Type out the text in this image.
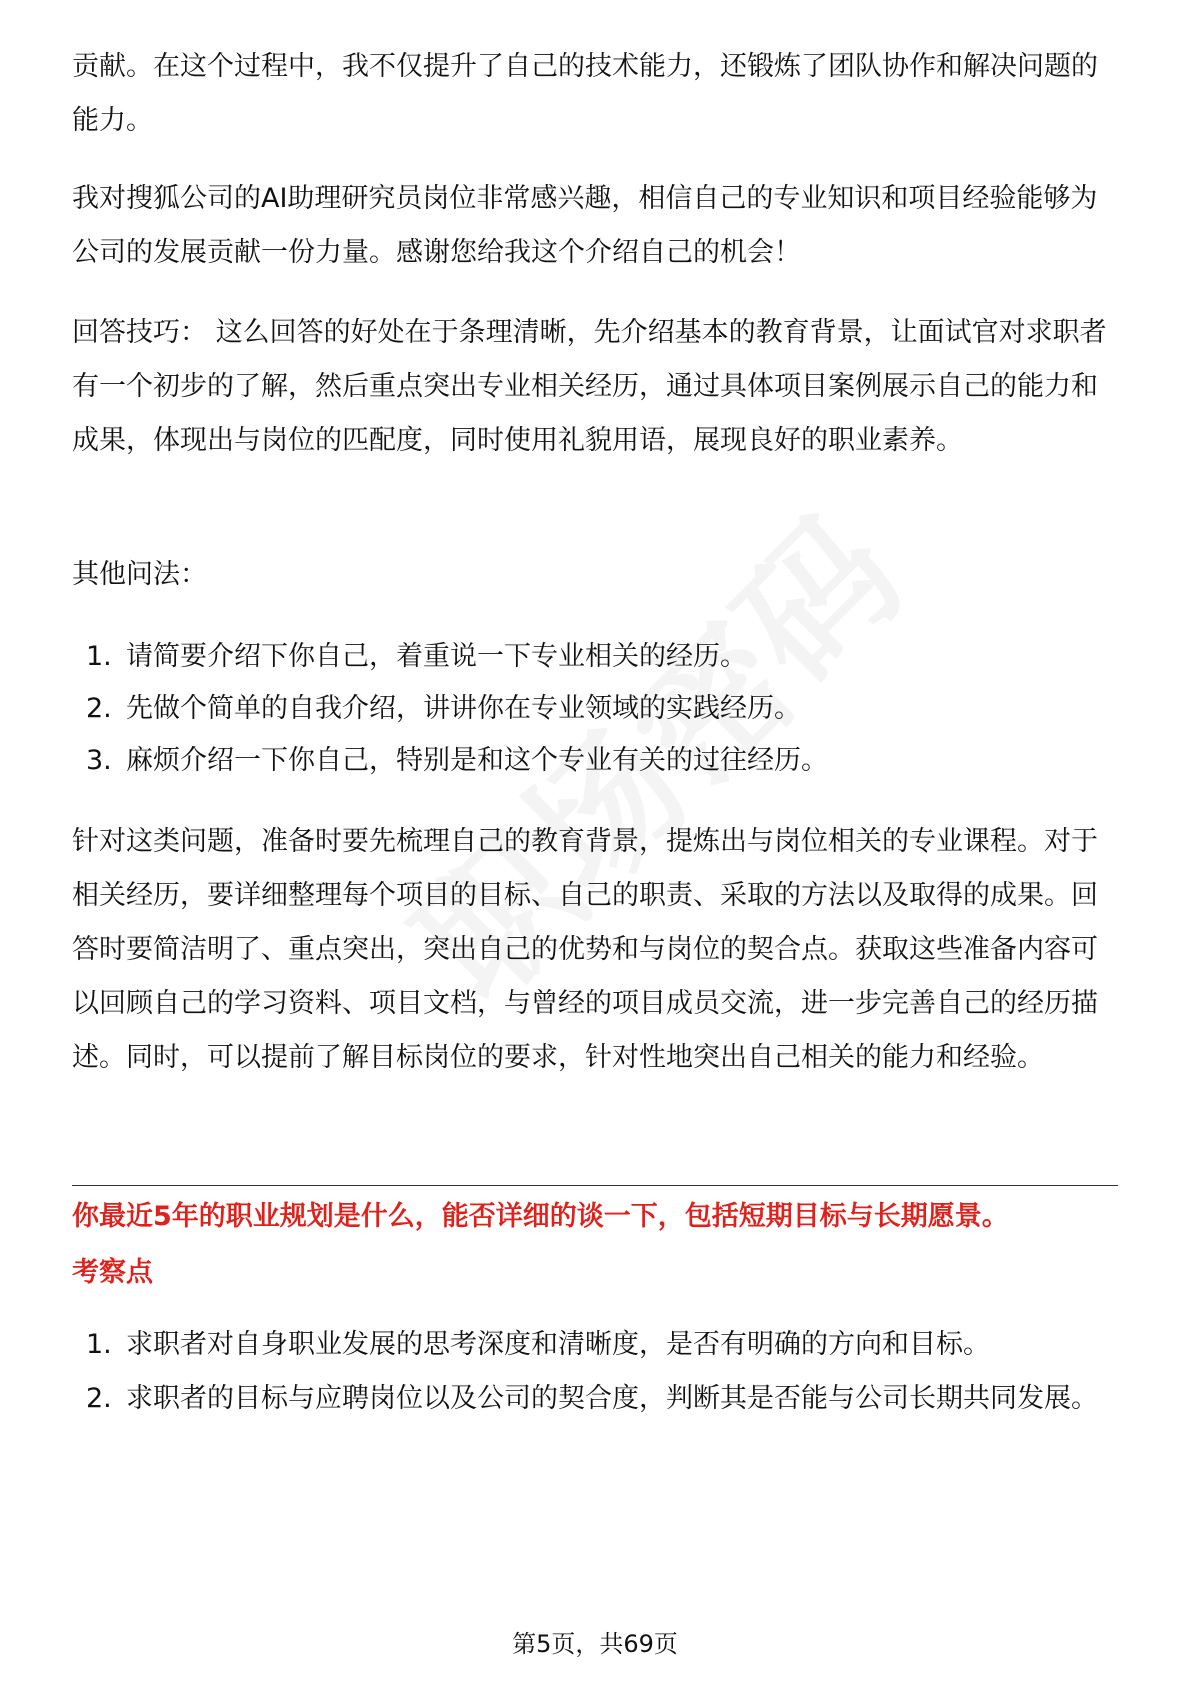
贡献。在这个过程中，我不仅提升了自己的技术能力，还锻炼了团队协作和解决问题的能力。

我对搜狐公司的AI助理研究员岗位非常感兴趣，相信自己的专业知识和项目经验能够为公司的发展贡献一份力量。感谢您给我这个介绍自己的机会！

回答技巧： 这么回答的好处在于条理清晰，先介绍基本的教育背景，让面试官对求职者有一个初步的了解，然后重点突出专业相关经历，通过具体项目案例展示自己的能力和成果，体现出与岗位的匹配度，同时使用礼貌用语，展现良好的职业素养。

其他问法：

1. 请简要介绍下你自己，着重说一下专业相关的经历。
2. 先做个简单的自我介绍，讲讲你在专业领域的实践经历。
3. 麻烦介绍一下你自己，特别是和这个专业有关的过往经历。

针对这类问题，准备时要先梳理自己的教育背景，提炼出与岗位相关的专业课程。对于相关经历，要详细整理每个项目的目标、自己的职责、采取的方法以及取得的成果。回答时要简洁明了、重点突出，突出自己的优势和与岗位的契合点。获取这些准备内容可以回顾自己的学习资料、项目文档，与曾经的项目成员交流，进一步完善自己的经历描述。同时，可以提前了解目标岗位的要求，针对性地突出自己相关的能力和经验。

你最近5年的职业规划是什么，能否详细的谈一下，包括短期目标与长期愿景。
考察点
1. 求职者对自身职业发展的思考深度和清晰度，是否有明确的方向和目标。
2. 求职者的目标与应聘岗位以及公司的契合度，判断其是否能与公司长期共同发展。
第5页，共69页
